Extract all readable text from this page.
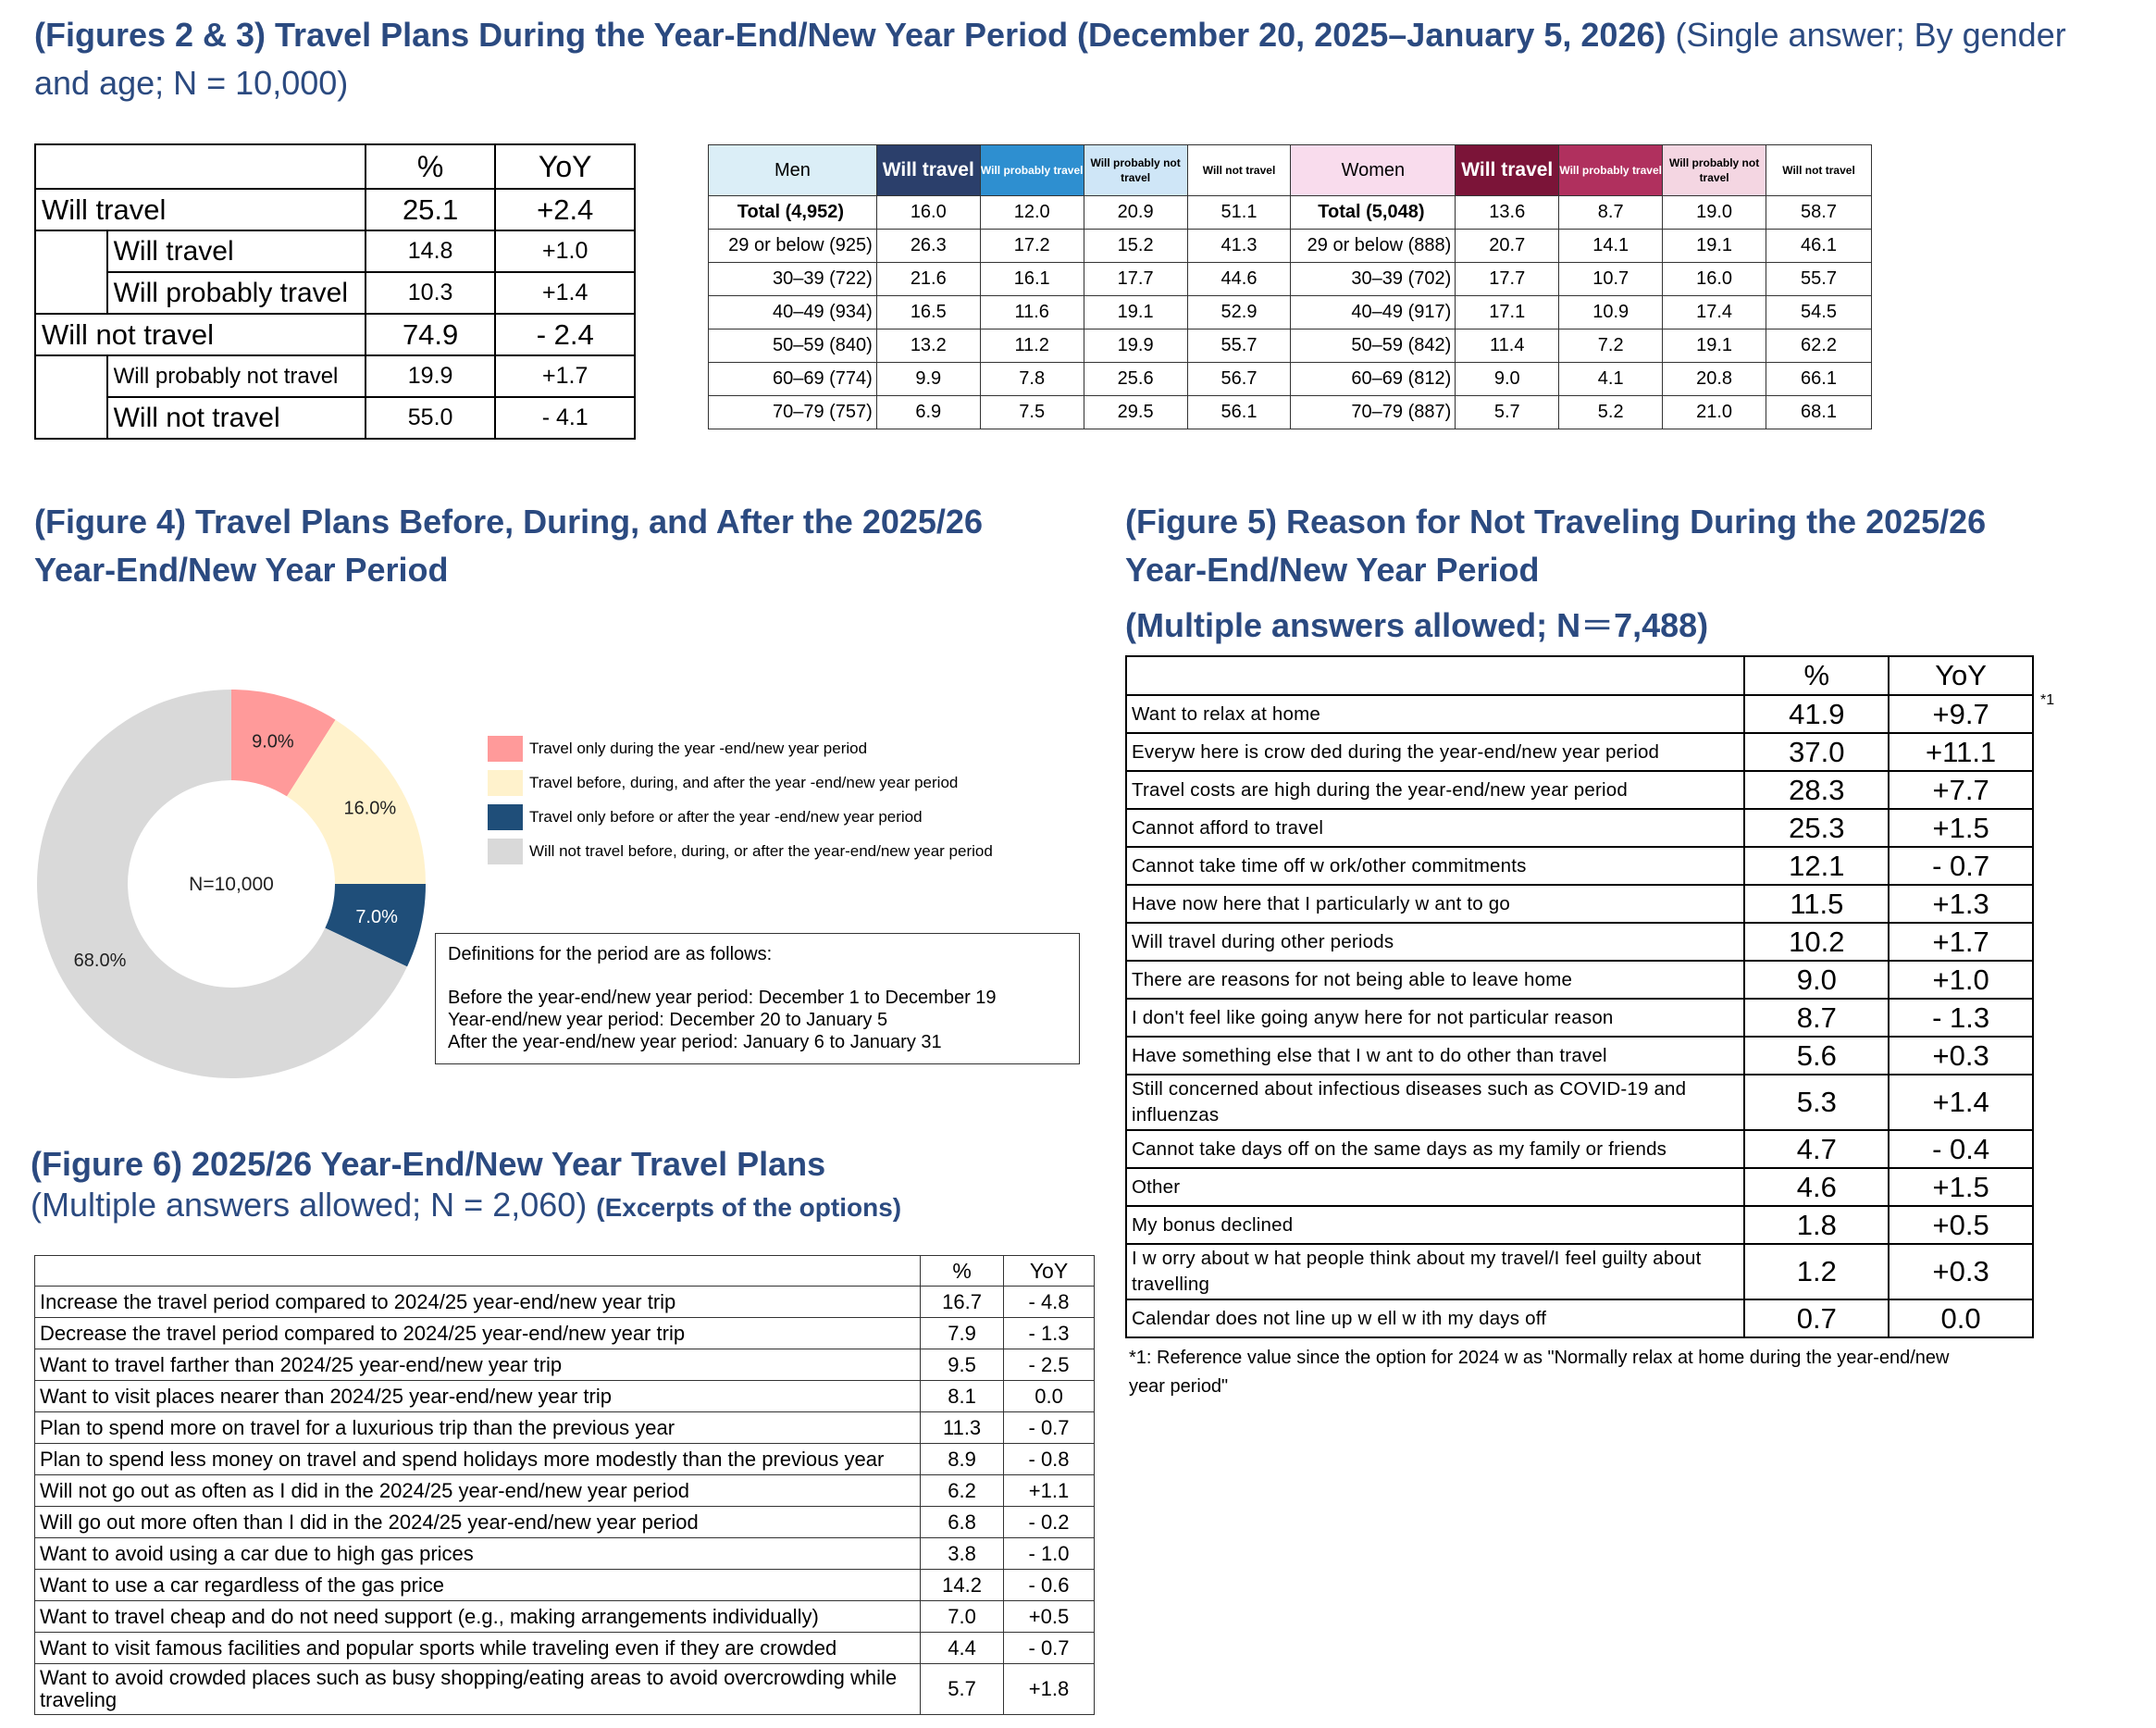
(Figures 2 & 3) Travel Plans During the Year-End/New Year Period (December 20, 2025–January 5, 2026) (Single answer; By gender
and age; N = 10,000)
		%	YoY
Will travel		25.1	+2.4
	Will travel	14.8	+1.0
	Will probably travel	10.3	+1.4
Will not travel		74.9	- 2.4
	Will probably not travel	19.9	+1.7
	Will not travel	55.0	- 4.1
Men	Will travel	Will probably travel	Will probably not travel	Will not travel	Women	Will travel	Will probably travel	Will probably not travel	Will not travel
Total (4,952)	16.0	12.0	20.9	51.1	Total (5,048)	13.6	8.7	19.0	58.7
29 or below (925)	26.3	17.2	15.2	41.3	29 or below (888)	20.7	14.1	19.1	46.1
30–39 (722)	21.6	16.1	17.7	44.6	30–39 (702)	17.7	10.7	16.0	55.7
40–49 (934)	16.5	11.6	19.1	52.9	40–49 (917)	17.1	10.9	17.4	54.5
50–59 (840)	13.2	11.2	19.9	55.7	50–59 (842)	11.4	7.2	19.1	62.2
60–69 (774)	9.9	7.8	25.6	56.7	60–69 (812)	9.0	4.1	20.8	66.1
70–79 (757)	6.9	7.5	29.5	56.1	70–79 (887)	5.7	5.2	21.0	68.1
(Figure 4) Travel Plans Before, During, and After the 2025/26
Year-End/New Year Period
9.0%
16.0%
7.0%
68.0%
N=10,000
Travel only during the year -end/new year period
Travel before, during, and after the year -end/new year period
Travel only before or after the year -end/new year period
Will not travel before, during, or after the year-end/new year period
Definitions for the period are as follows:
Before the year-end/new year period: December 1 to December 19
Year-end/new year period: December 20 to January 5
After the year-end/new year period: January 6 to January 31
(Figure 5) Reason for Not Traveling During the 2025/26
Year-End/New Year Period
(Multiple answers allowed; N＝7,488)
	%	YoY
Want to relax at home	41.9	+9.7
Everyw here is crow ded during the year-end/new year period	37.0	+11.1
Travel costs are high during the year-end/new year period	28.3	+7.7
Cannot afford to travel	25.3	+1.5
Cannot take time off w ork/other commitments	12.1	- 0.7
Have now here that I particularly w ant to go	11.5	+1.3
Will travel during other periods	10.2	+1.7
There are reasons for not being able to leave home	9.0	+1.0
I don't feel like going anyw here for not particular reason	8.7	- 1.3
Have something else that I w ant to do other than travel	5.6	+0.3
Still concerned about infectious diseases such as COVID-19 and influenzas	5.3	+1.4
Cannot take days off on the same days as my family or friends	4.7	- 0.4
Other	4.6	+1.5
My bonus declined	1.8	+0.5
I w orry about w hat people think about my travel/I feel guilty about travelling	1.2	+0.3
Calendar does not line up w ell w ith my days off	0.7	0.0
*1
*1: Reference value since the option for 2024 w as "Normally relax at home during the year-end/new year period"
(Figure 6) 2025/26 Year-End/New Year Travel Plans
(Multiple answers allowed; N = 2,060) (Excerpts of the options)
	%	YoY
Increase the travel period compared to 2024/25 year-end/new year trip	16.7	- 4.8
Decrease the travel period compared to 2024/25 year-end/new year trip	7.9	- 1.3
Want to travel farther than 2024/25 year-end/new year trip	9.5	- 2.5
Want to visit places nearer than 2024/25 year-end/new year trip	8.1	0.0
Plan to spend more on travel for a luxurious trip than the previous year	11.3	- 0.7
Plan to spend less money on travel and spend holidays more modestly than the previous year	8.9	- 0.8
Will not go out as often as I did in the 2024/25 year-end/new year period	6.2	+1.1
Will go out more often than I did in the 2024/25 year-end/new year period	6.8	- 0.2
Want to avoid using a car due to high gas prices	3.8	- 1.0
Want to use a car regardless of the gas price	14.2	- 0.6
Want to travel cheap and do not need support (e.g., making arrangements individually)	7.0	+0.5
Want to visit famous facilities and popular sports while traveling even if they are crowded	4.4	- 0.7
Want to avoid crowded places such as busy shopping/eating areas to avoid overcrowding while traveling	5.7	+1.8
